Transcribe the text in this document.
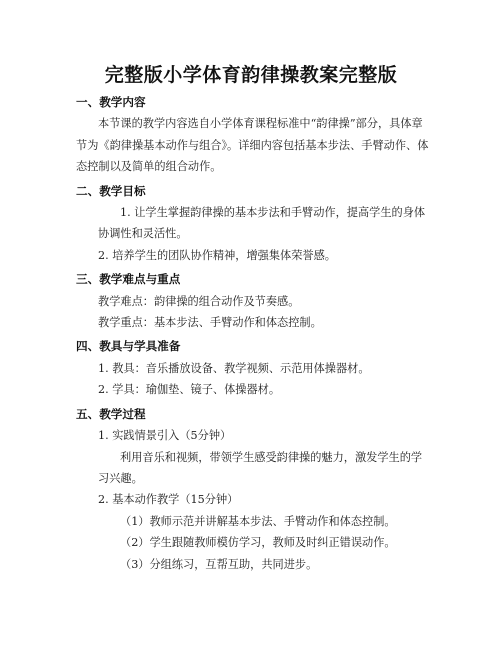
完整版小学体育韵律操教案完整版

一、教学内容

本节课的教学内容选自小学体育课程标准中“韵律操”部分，具体章节为《韵律操基本动作与组合》。详细内容包括基本步法、手臂动作、体态控制以及简单的组合动作。

二、教学目标

1. 让学生掌握韵律操的基本步法和手臂动作，提高学生的身体协调性和灵活性。

2. 培养学生的团队协作精神，增强集体荣誉感。

三、教学难点与重点

教学难点：韵律操的组合动作及节奏感。

教学重点：基本步法、手臂动作和体态控制。

四、教具与学具准备

1. 教具：音乐播放设备、教学视频、示范用体操器材。

2. 学具：瑜伽垫、镜子、体操器材。

五、教学过程

1. 实践情景引入（5分钟）

利用音乐和视频，带领学生感受韵律操的魅力，激发学生的学习兴趣。

2. 基本动作教学（15分钟）

（1）教师示范并讲解基本步法、手臂动作和体态控制。

（2）学生跟随教师模仿学习，教师及时纠正错误动作。

（3）分组练习，互帮互助，共同进步。
